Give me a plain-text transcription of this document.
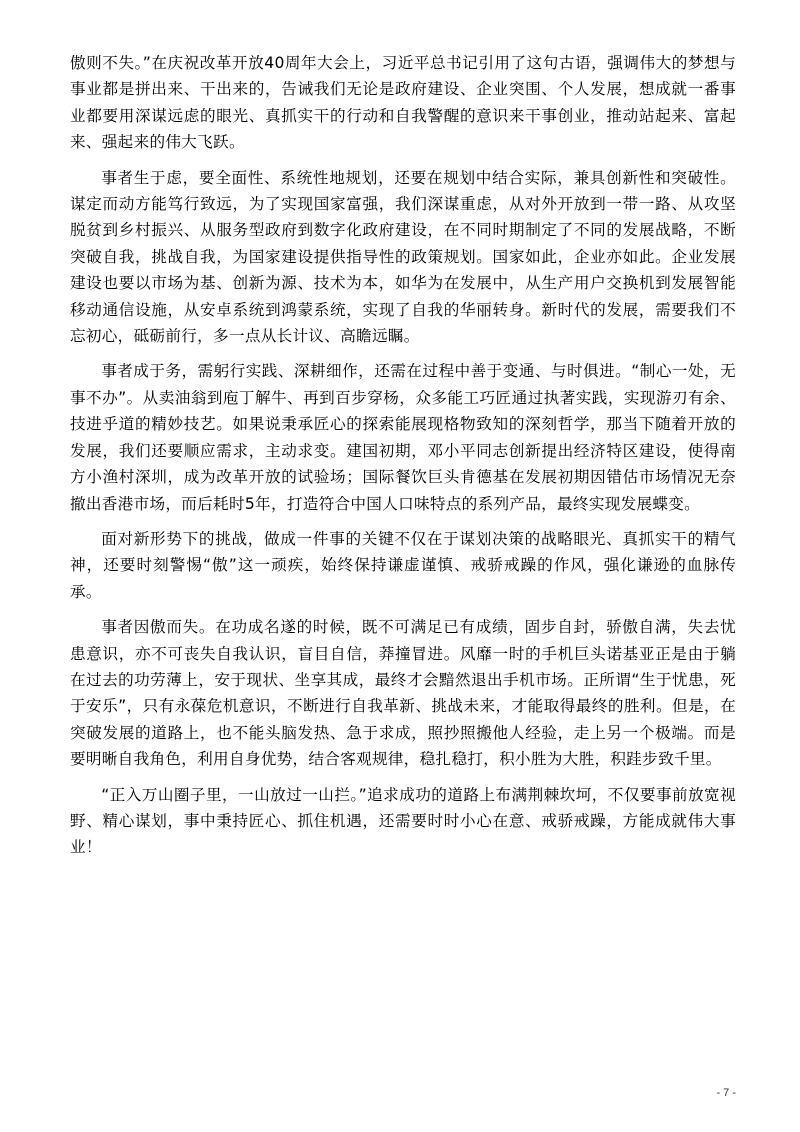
傲则不失。”在庆祝改革开放40周年大会上，习近平总书记引用了这句古语，强调伟大的梦想与事业都是拼出来、干出来的，告诫我们无论是政府建设、企业突围、个人发展，想成就一番事业都要用深谋远虑的眼光、真抓实干的行动和自我警醒的意识来干事创业，推动站起来、富起来、强起来的伟大飞跃。

事者生于虑，要全面性、系统性地规划，还要在规划中结合实际，兼具创新性和突破性。谋定而动方能笃行致远，为了实现国家富强，我们深谋重虑，从对外开放到一带一路、从攻坚脱贫到乡村振兴、从服务型政府到数字化政府建设，在不同时期制定了不同的发展战略，不断突破自我，挑战自我，为国家建设提供指导性的政策规划。国家如此，企业亦如此。企业发展建设也要以市场为基、创新为源、技术为本，如华为在发展中，从生产用户交换机到发展智能移动通信设施，从安卓系统到鸿蒙系统，实现了自我的华丽转身。新时代的发展，需要我们不忘初心，砥砺前行，多一点从长计议、高瞻远瞩。

事者成于务，需躬行实践、深耕细作，还需在过程中善于变通、与时俱进。“制心一处，无事不办”。从卖油翁到庖丁解牛、再到百步穿杨，众多能工巧匠通过执著实践，实现游刃有余、技进乎道的精妙技艺。如果说秉承匠心的探索能展现格物致知的深刻哲学，那当下随着开放的发展，我们还要顺应需求，主动求变。建国初期，邓小平同志创新提出经济特区建设，使得南方小渔村深圳，成为改革开放的试验场；国际餐饮巨头肯德基在发展初期因错估市场情况无奈撤出香港市场，而后耗时5年，打造符合中国人口味特点的系列产品，最终实现发展蝶变。

面对新形势下的挑战，做成一件事的关键不仅在于谋划决策的战略眼光、真抓实干的精气神，还要时刻警惕“傲”这一顽疾，始终保持谦虚谨慎、戒骄戒躁的作风，强化谦逊的血脉传承。

事者因傲而失。在功成名遂的时候，既不可满足已有成绩，固步自封，骄傲自满，失去忧患意识，亦不可丧失自我认识，盲目自信，莽撞冒进。风靡一时的手机巨头诺基亚正是由于躺在过去的功劳薄上，安于现状、坐享其成，最终才会黯然退出手机市场。正所谓“生于忧患，死于安乐”，只有永葆危机意识，不断进行自我革新、挑战未来，才能取得最终的胜利。但是，在突破发展的道路上，也不能头脑发热、急于求成，照抄照搬他人经验，走上另一个极端。而是要明晰自我角色，利用自身优势，结合客观规律，稳扎稳打，积小胜为大胜，积跬步致千里。

“正入万山圈子里，一山放过一山拦。”追求成功的道路上布满荆棘坎坷，不仅要事前放宽视野、精心谋划，事中秉持匠心、抓住机遇，还需要时时小心在意、戒骄戒躁，方能成就伟大事业！

- 7 -
